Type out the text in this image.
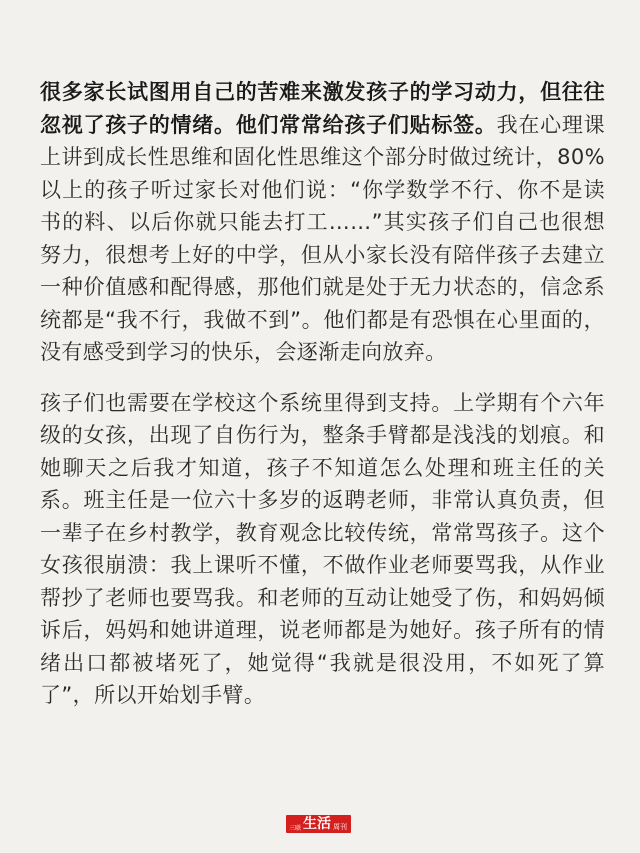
很多家长试图用自己的苦难来激发孩子的学习动力，但往往忽视了孩子的情绪。他们常常给孩子们贴标签。我在心理课上讲到成长性思维和固化性思维这个部分时做过统计，80%以上的孩子听过家长对他们说：“你学数学不行、你不是读书的料、以后你就只能去打工……”其实孩子们自己也很想努力，很想考上好的中学，但从小家长没有陪伴孩子去建立一种价值感和配得感，那他们就是处于无力状态的，信念系统都是“我不行，我做不到”。他们都是有恐惧在心里面的，没有感受到学习的快乐，会逐渐走向放弃。

孩子们也需要在学校这个系统里得到支持。上学期有个六年级的女孩，出现了自伤行为，整条手臂都是浅浅的划痕。和她聊天之后我才知道，孩子不知道怎么处理和班主任的关系。班主任是一位六十多岁的返聘老师，非常认真负责，但一辈子在乡村教学，教育观念比较传统，常常骂孩子。这个女孩很崩溃：我上课听不懂，不做作业老师要骂我，从作业帮抄了老师也要骂我。和老师的互动让她受了伤，和妈妈倾诉后，妈妈和她讲道理，说老师都是为她好。孩子所有的情绪出口都被堵死了，她觉得“我就是很没用，不如死了算了”，所以开始划手臂。

三联 生活 周刊
